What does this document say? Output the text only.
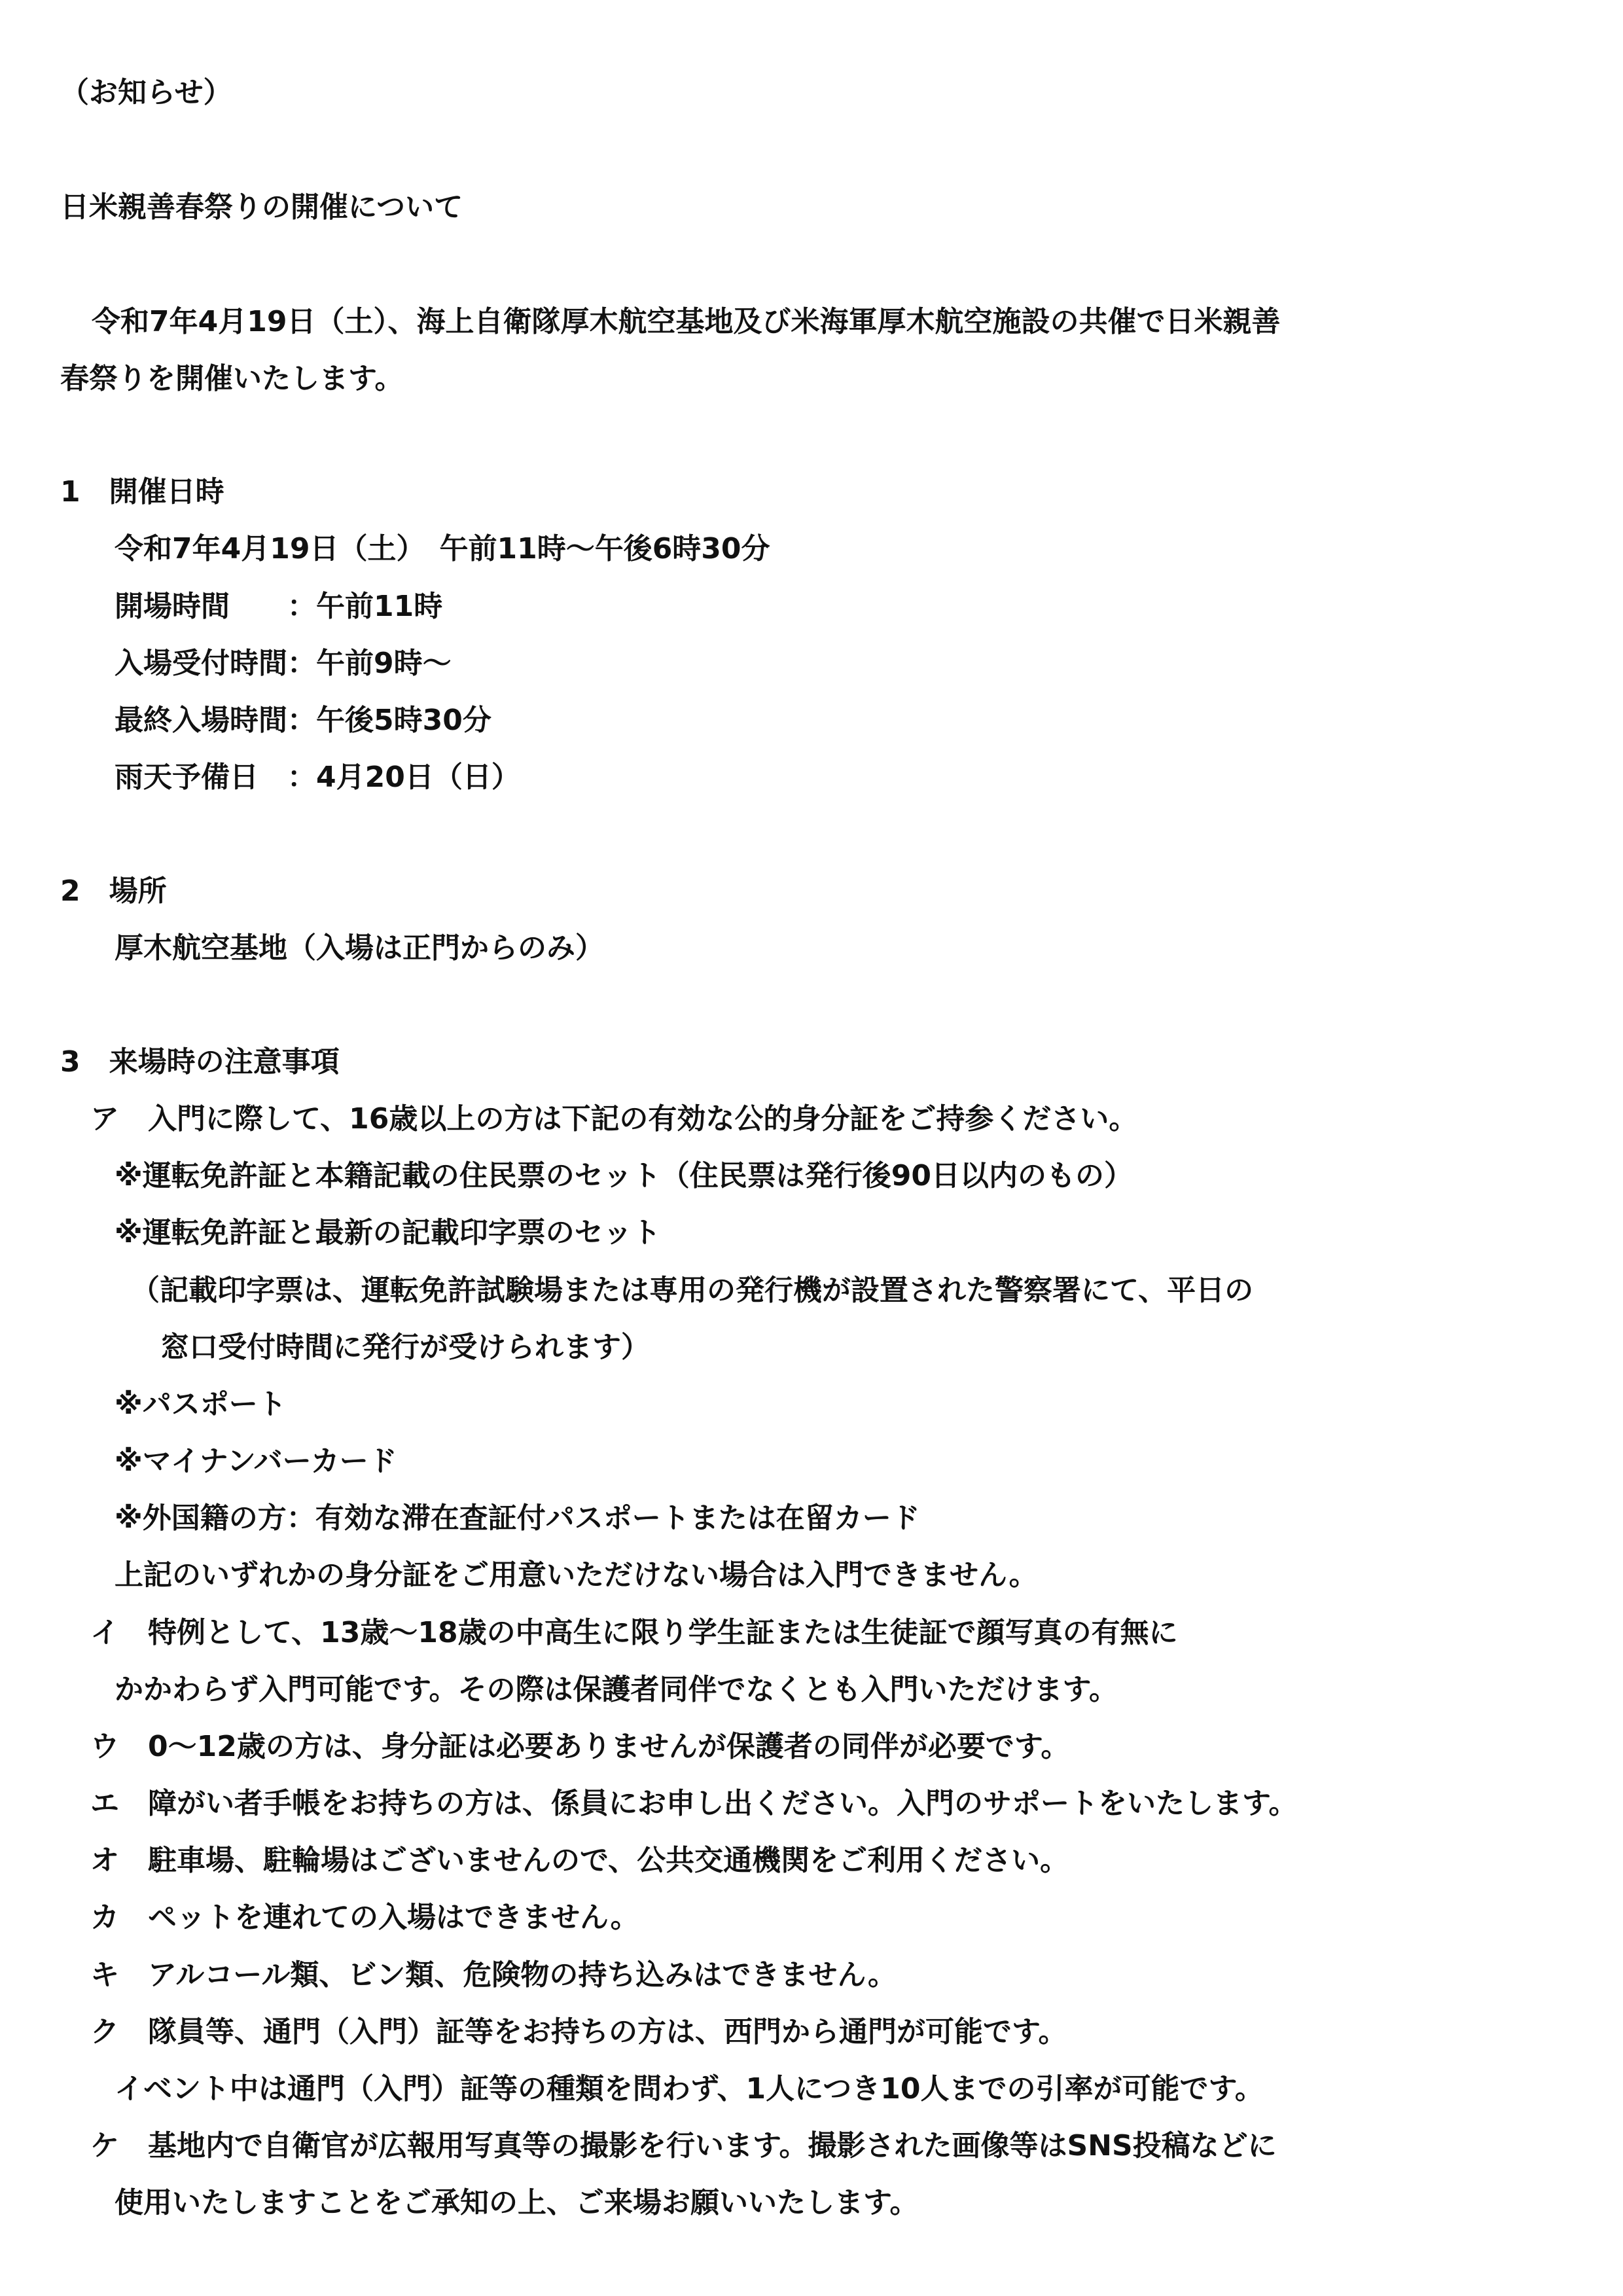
（お知らせ）
日米親善春祭りの開催について
令和7年4月19日（土）、海上自衛隊厚木航空基地及び米海軍厚木航空施設の共催で日米親善
春祭りを開催いたします。
1　開催日時
令和7年4月19日（土）　午前11時～午後6時30分
開場時間　　：午前11時
入場受付時間：午前9時～
最終入場時間：午後5時30分
雨天予備日　：4月20日（日）
2　場所
厚木航空基地（入場は正門からのみ）
3　来場時の注意事項
ア　入門に際して、16歳以上の方は下記の有効な公的身分証をご持参ください。
※運転免許証と本籍記載の住民票のセット（住民票は発行後90日以内のもの）
※運転免許証と最新の記載印字票のセット
（記載印字票は、運転免許試験場または専用の発行機が設置された警察署にて、平日の
窓口受付時間に発行が受けられます）
※パスポート
※マイナンバーカード
※外国籍の方：有効な滞在査証付パスポートまたは在留カード
上記のいずれかの身分証をご用意いただけない場合は入門できません。
イ　特例として、13歳～18歳の中高生に限り学生証または生徒証で顔写真の有無に
かかわらず入門可能です。その際は保護者同伴でなくとも入門いただけます。
ウ　0～12歳の方は、身分証は必要ありませんが保護者の同伴が必要です。
エ　障がい者手帳をお持ちの方は、係員にお申し出ください。入門のサポートをいたします。
オ　駐車場、駐輪場はございませんので、公共交通機関をご利用ください。
カ　ペットを連れての入場はできません。
キ　アルコール類、ビン類、危険物の持ち込みはできません。
ク　隊員等、通門（入門）証等をお持ちの方は、西門から通門が可能です。
イベント中は通門（入門）証等の種類を問わず、1人につき10人までの引率が可能です。
ケ　基地内で自衛官が広報用写真等の撮影を行います。撮影された画像等はSNS投稿などに
使用いたしますことをご承知の上、ご来場お願いいたします。
